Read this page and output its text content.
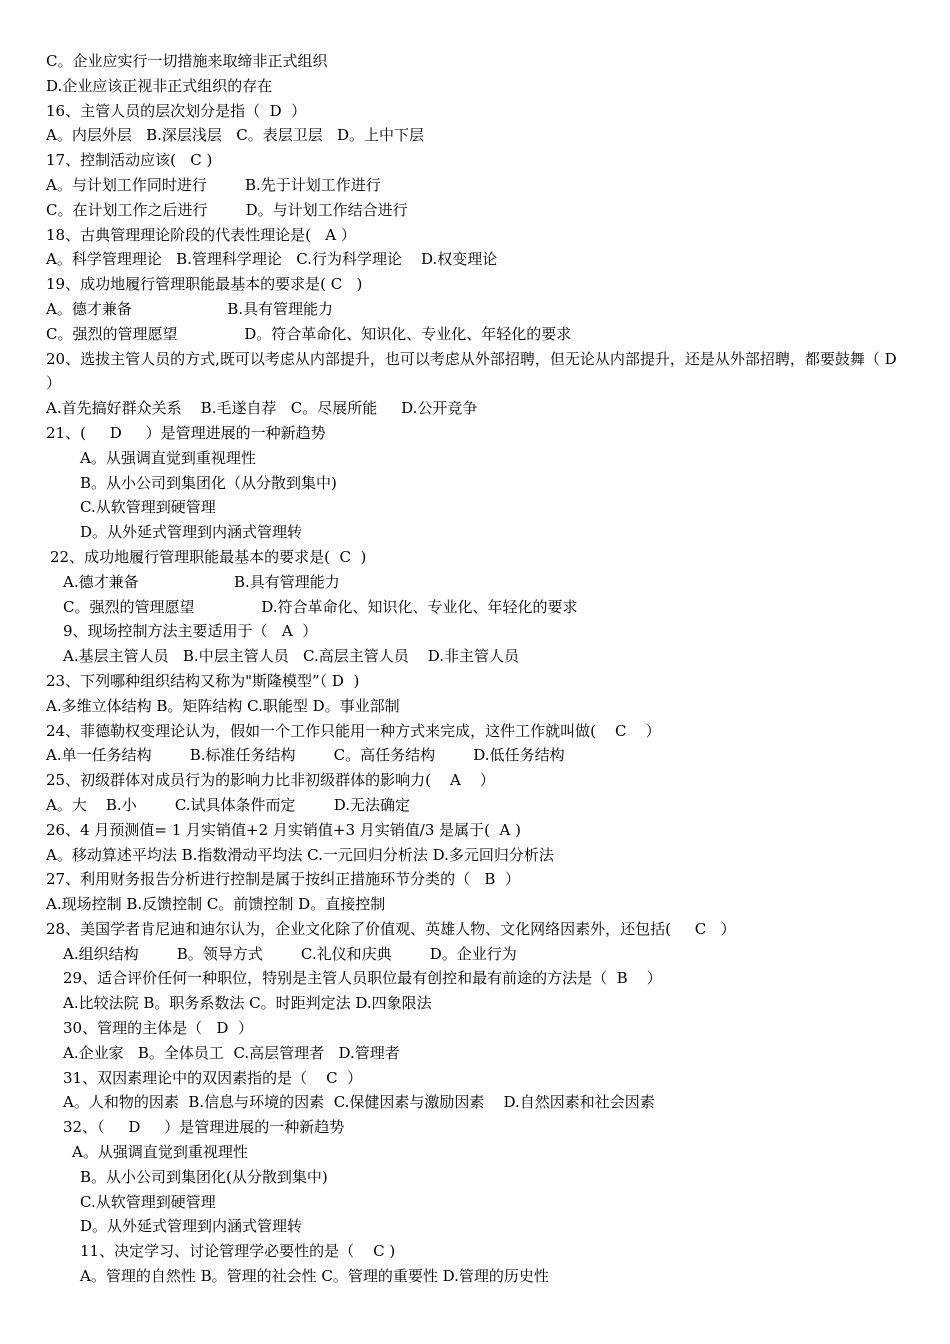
C。企业应实行一切措施来取缔非正式组织
D.企业应该正视非正式组织的存在
16、主管人员的层次划分是指（  D  ）
A。内层外层   B.深层浅层   C。表层卫层   D。上中下层
17、控制活动应该(   C )
A。与计划工作同时进行        B.先于计划工作进行
C。在计划工作之后进行        D。与计划工作结合进行
18、古典管理理论阶段的代表性理论是(   A ）
A。科学管理理论   B.管理科学理论   C.行为科学理论    D.权变理论
19、成功地履行管理职能最基本的要求是( C   )
A。德才兼备                    B.具有管理能力
C。强烈的管理愿望              D。符合革命化、知识化、专业化、年轻化的要求
20、选拔主管人员的方式,既可以考虑从内部提升，也可以考虑从外部招聘，但无论从内部提升，还是从外部招聘，都要鼓舞（ D ）
A.首先搞好群众关系    B.毛遂自荐   C。尽展所能     D.公开竞争
21、(     D     ）是管理进展的一种新趋势
A。从强调直觉到重视理性
B。从小公司到集团化（从分散到集中)
C.从软管理到硬管理
D。从外延式管理到内涵式管理转
22、成功地履行管理职能最基本的要求是(  C  )
A.德才兼备                    B.具有管理能力
C。强烈的管理愿望              D.符合革命化、知识化、专业化、年轻化的要求
9、现场控制方法主要适用于（   A  ）
A.基层主管人员   B.中层主管人员   C.高层主管人员    D.非主管人员
23、下列哪种组织结构又称为"斯隆模型”（ D  )
A.多维立体结构 B。矩阵结构 C.职能型 D。事业部制
24、菲德勒权变理论认为，假如一个工作只能用一种方式来完成，这件工作就叫做(    C    ）
A.单一任务结构        B.标准任务结构        C。高任务结构        D.低任务结构
25、初级群体对成员行为的影响力比非初级群体的影响力(    A    ）
A。大    B.小        C.试具体条件而定        D.无法确定
26、4 月预测值= 1 月实销值+2 月实销值+3 月实销值/3 是属于(  A )
A。移动算述平均法 B.指数滑动平均法 C.一元回归分析法 D.多元回归分析法
27、利用财务报告分析进行控制是属于按纠正措施环节分类的（   B  ）
A.现场控制 B.反馈控制 C。前馈控制 D。直接控制
28、美国学者肯尼迪和迪尔认为，企业文化除了价值观、英雄人物、文化网络因素外，还包括(     C   ）
A.组织结构        B。领导方式        C.礼仪和庆典        D。企业行为
29、适合评价任何一种职位，特别是主管人员职位最有创控和最有前途的方法是（  B    ）
A.比较法院 B。职务系数法 C。时距判定法 D.四象限法
30、管理的主体是（   D  ）
A.企业家   B。全体员工  C.高层管理者   D.管理者
31、双因素理论中的双因素指的是（    C  ）
A。人和物的因素  B.信息与环境的因素  C.保健因素与激励因素    D.自然因素和社会因素
32、（     D     ）是管理进展的一种新趋势
A。从强调直觉到重视理性
B。从小公司到集团化(从分散到集中)
C.从软管理到硬管理
D。从外延式管理到内涵式管理转
11、决定学习、讨论管理学必要性的是（    C )
A。管理的自然性 B。管理的社会性 C。管理的重要性 D.管理的历史性
